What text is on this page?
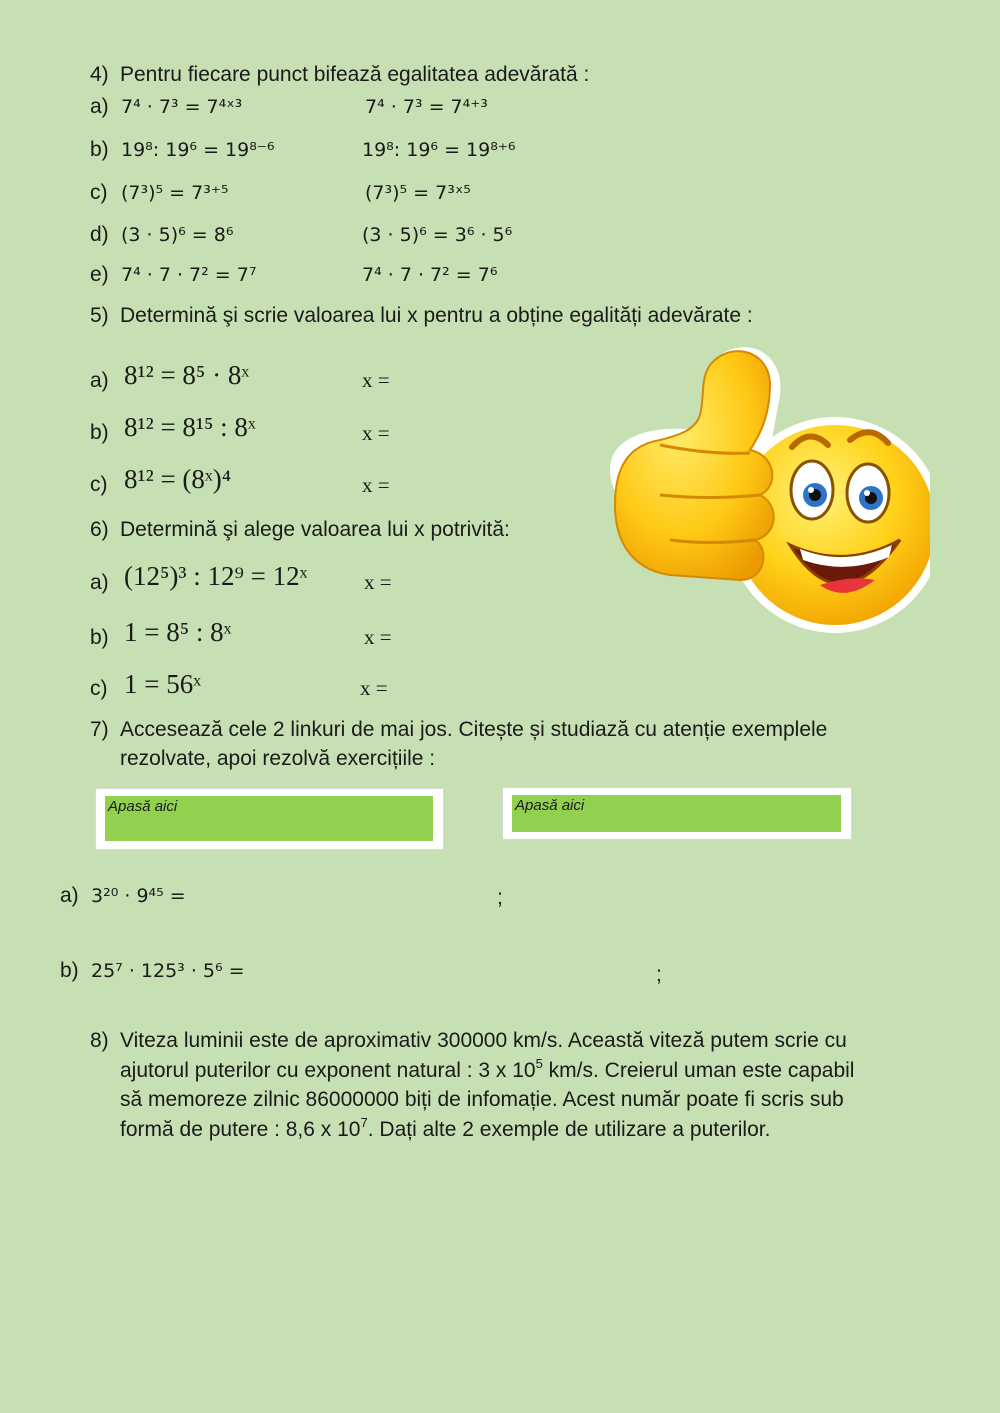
4) Pentru fiecare punct bifează egalitatea adevărată :
a) 7⁴ · 7³ = 7⁴ˣ³	7⁴ · 7³ = 7⁴⁺³
b) 19⁸: 19⁶ = 19⁸⁻⁶	19⁸: 19⁶ = 19⁸⁺⁶
c) (7³)⁵ = 7³⁺⁵	(7³)⁵ = 7³ˣ⁵
d) (3 · 5)⁶ = 8⁶	(3 · 5)⁶ = 3⁶ · 5⁶
e) 7⁴ · 7 · 7² = 7⁷	7⁴ · 7 · 7² = 7⁶
5) Determină şi scrie valoarea lui x pentru a obține egalități adevărate :
a) 8¹² = 8⁵ · 8ˣ	x =
b) 8¹² = 8¹⁵ : 8ˣ	x =
c) 8¹² = (8ˣ)⁴	x =
6) Determină şi alege valoarea lui x potrivită:
a) (12⁵)³ : 12⁹ = 12ˣ	x =
b) 1 = 8⁵ : 8ˣ	x =
c) 1 = 56ˣ	x =
7) Accesează cele 2 linkuri de mai jos. Citește și studiază cu atenție exemplele
rezolvate, apoi rezolvă exercițiile :
Apasă aici	Apasă aici
a) 3²⁰ · 9⁴⁵ =	;
b) 25⁷ · 125³ · 5⁶ =	;
8) Viteza luminii este de aproximativ 300000 km/s. Această viteză putem scrie cu
ajutorul puterilor cu exponent natural : 3 x $10^5$ km/s. Creierul uman este capabil
să memoreze zilnic 86000000 biți de infomație. Acest număr poate fi scris sub
formă de putere : 8,6 x $10^7$. Dați alte 2 exemple de utilizare a puterilor.
